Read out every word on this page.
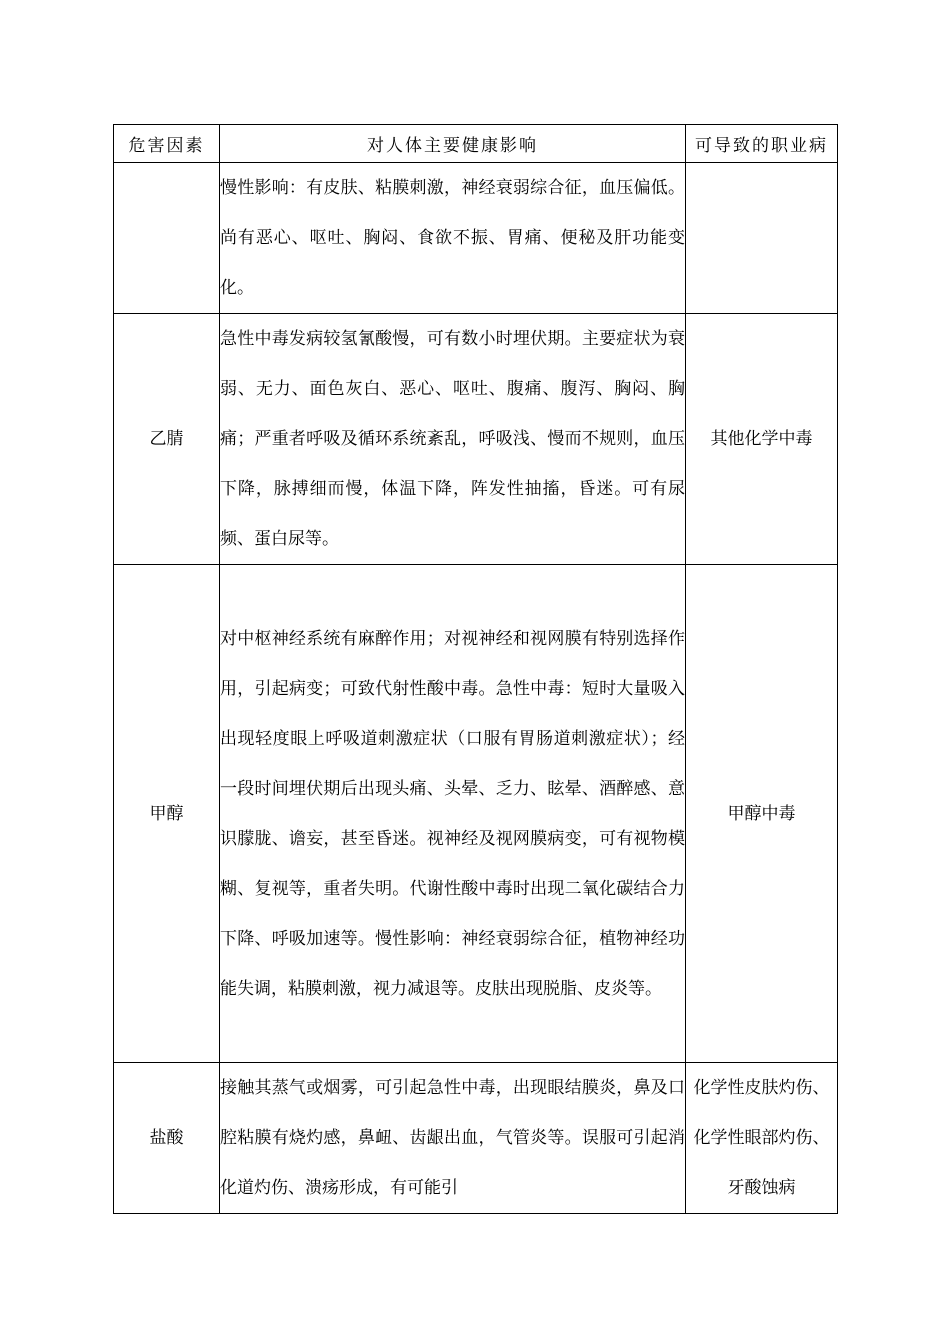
危害因素	对人体主要健康影响	可导致的职业病
	慢性影响：有皮肤、粘膜刺激，神经衰弱综合征，血压偏低。尚有恶心、呕吐、胸闷、食欲不振、胃痛、便秘及肝功能变化。	
乙腈	急性中毒发病较氢氰酸慢，可有数小时埋伏期。主要症状为衰弱、无力、面色灰白、恶心、呕吐、腹痛、腹泻、胸闷、胸痛；严重者呼吸及循环系统紊乱，呼吸浅、慢而不规则，血压下降，脉搏细而慢，体温下降，阵发性抽搐，昏迷。可有尿频、蛋白尿等。	其他化学中毒
甲醇	对中枢神经系统有麻醉作用；对视神经和视网膜有特别选择作用，引起病变；可致代射性酸中毒。急性中毒：短时大量吸入出现轻度眼上呼吸道刺激症状（口服有胃肠道刺激症状）；经一段时间埋伏期后出现头痛、头晕、乏力、眩晕、酒醉感、意识朦胧、谵妄，甚至昏迷。视神经及视网膜病变，可有视物模糊、复视等，重者失明。代谢性酸中毒时出现二氧化碳结合力下降、呼吸加速等。慢性影响：神经衰弱综合征，植物神经功能失调，粘膜刺激，视力减退等。皮肤出现脱脂、皮炎等。	甲醇中毒
盐酸	接触其蒸气或烟雾，可引起急性中毒，出现眼结膜炎，鼻及口腔粘膜有烧灼感，鼻衄、齿龈出血，气管炎等。误服可引起消化道灼伤、溃疡形成，有可能引	化学性皮肤灼伤、化学性眼部灼伤、牙酸蚀病
